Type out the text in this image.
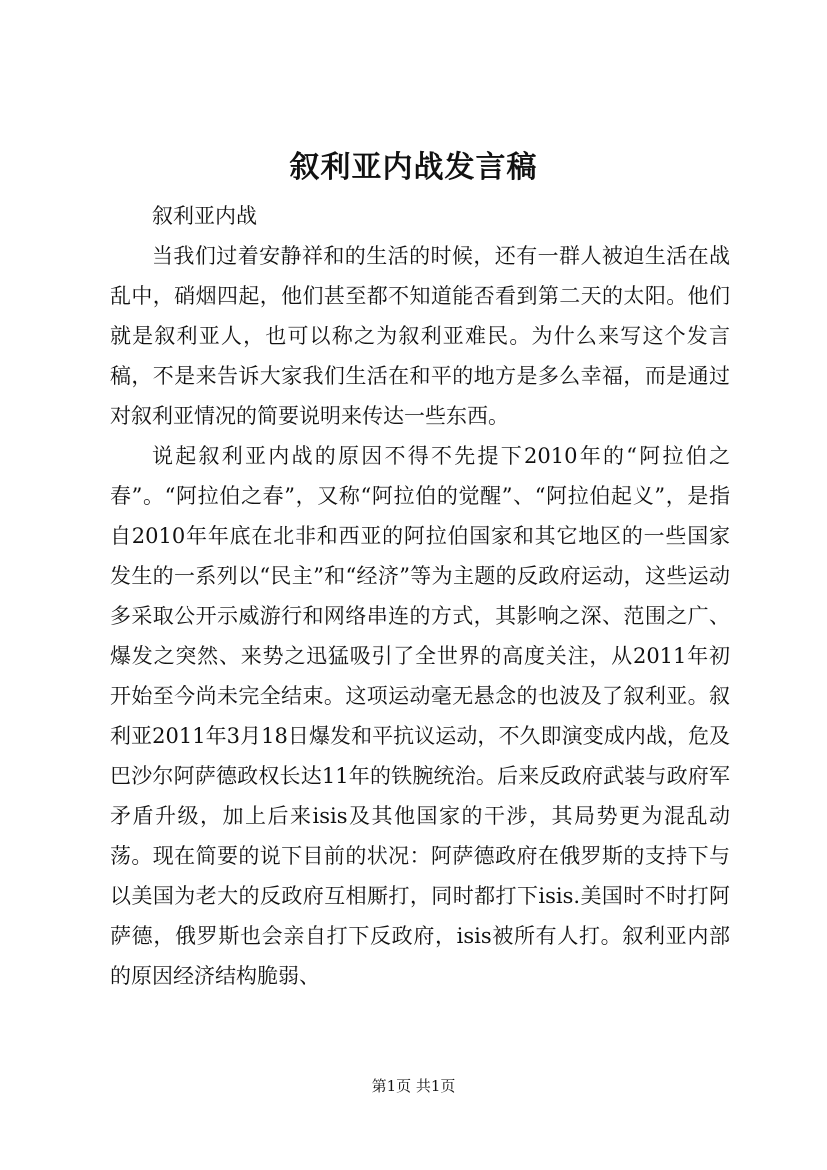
叙利亚内战发言稿

叙利亚内战

当我们过着安静祥和的生活的时候，还有一群人被迫生活在战乱中，硝烟四起，他们甚至都不知道能否看到第二天的太阳。他们就是叙利亚人，也可以称之为叙利亚难民。为什么来写这个发言稿，不是来告诉大家我们生活在和平的地方是多么幸福，而是通过对叙利亚情况的简要说明来传达一些东西。

说起叙利亚内战的原因不得不先提下2010年的“阿拉伯之春”。“阿拉伯之春”，又称“阿拉伯的觉醒”、“阿拉伯起义”，是指自2010年年底在北非和西亚的阿拉伯国家和其它地区的一些国家发生的一系列以“民主”和“经济”等为主题的反政府运动，这些运动多采取公开示威游行和网络串连的方式，其影响之深、范围之广、爆发之突然、来势之迅猛吸引了全世界的高度关注，从2011年初开始至今尚未完全结束。这项运动毫无悬念的也波及了叙利亚。叙利亚2011年3月18日爆发和平抗议运动，不久即演变成内战，危及巴沙尔阿萨德政权长达11年的铁腕统治。后来反政府武装与政府军矛盾升级，加上后来isis及其他国家的干涉，其局势更为混乱动荡。现在简要的说下目前的状况：阿萨德政府在俄罗斯的支持下与以美国为老大的反政府互相厮打，同时都打下isis.美国时不时打阿萨德，俄罗斯也会亲自打下反政府，isis被所有人打。叙利亚内部的原因经济结构脆弱、

第1页 共1页
